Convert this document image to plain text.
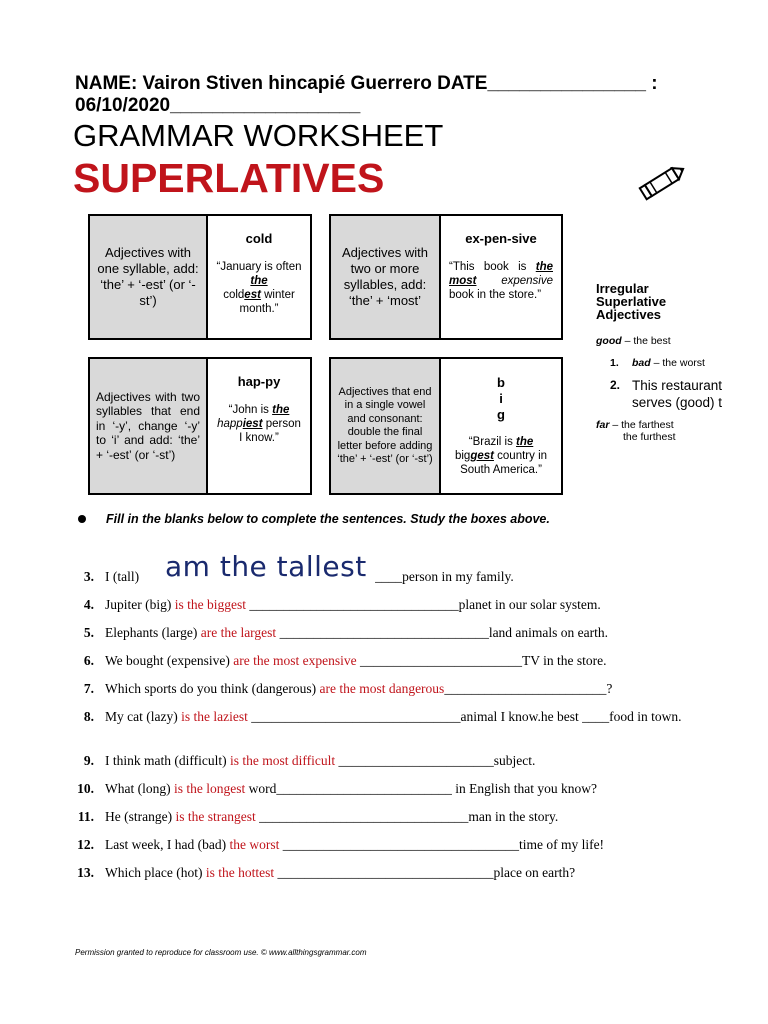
NAME: Vairon Stiven hincapié Guerrero DATE_______________ : 06/10/2020__________________
GRAMMAR WORKSHEET
SUPERLATIVES
Adjectives with one syllable, add: ‘the’ + ‘-est’ (or ‘-st’)
cold
“January is often the
coldest winter month.”
Adjectives with two or more syllables, add: ‘the’ + ‘most’
ex-pen-sive
“This book is the most expensive book in the store.”
Adjectives with two syllables that end in ‘-y’, change ‘-y’ to ‘i’ and add: ‘the’ + ‘-est’ (or ‘-st’)
hap-py
“John is the
happiest person I know.”
Adjectives that end in a single vowel and consonant: double the final letter before adding ‘the’ + ‘-est’ (or ‘-st’)
b
i
g
“Brazil is the
biggest country in South America.”
Irregular
Superlative
Adjectives
good – the best
1.	bad – the worst
2. This restaurant
serves (good) t
far – the farthest
the furthest
Fill in the blanks below to complete the sentences. Study the boxes above.
am the tallest
3. I (tall)	____person in my family.
4. Jupiter (big) is the biggest _______________________________planet in our solar system.
5. Elephants (large) are the largest _______________________________land animals on earth.
6. We bought (expensive) are the most expensive ________________________TV in the store.
7. Which sports do you think (dangerous) are the most dangerous________________________?
8. My cat (lazy) is the laziest _______________________________animal I know.he best ____food in town.
9. I think math (difficult) is the most difficult _______________________subject.
10. What (long) is the longest word__________________________ in English that you know?
11. He (strange) is the strangest _______________________________man in the story.
12. Last week, I had (bad) the worst ___________________________________time of my life!
13. Which place (hot) is the hottest ________________________________place on earth?
Permission granted to reproduce for classroom use. © www.allthingsgrammar.com
